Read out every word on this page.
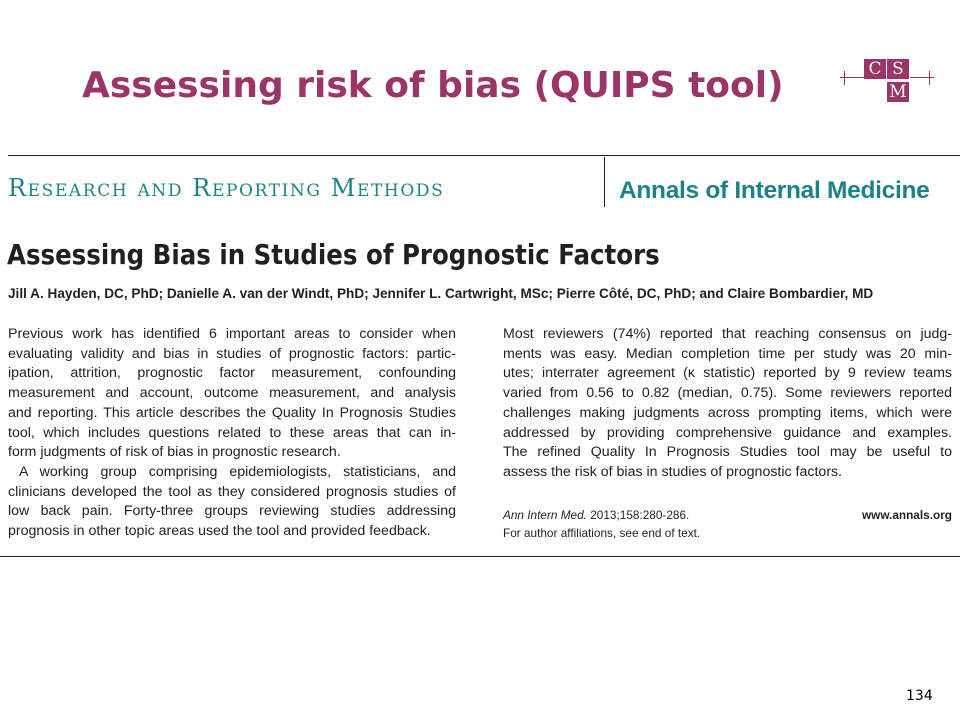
Assessing risk of bias (QUIPS tool)	C S
M

Research and Reporting Methods	Annals of Internal Medicine

Assessing Bias in Studies of Prognostic Factors

Jill A. Hayden, DC, PhD; Danielle A. van der Windt, PhD; Jennifer L. Cartwright, MSc; Pierre Côté, DC, PhD; and Claire Bombardier, MD

Previous work has identified 6 important areas to consider when

evaluating validity and bias in studies of prognostic factors: partic-

ipation, attrition, prognostic factor measurement, confounding

measurement and account, outcome measurement, and analysis

and reporting. This article describes the Quality In Prognosis Studies

tool, which includes questions related to these areas that can in-

form judgments of risk of bias in prognostic research.

A working group comprising epidemiologists, statisticians, and

clinicians developed the tool as they considered prognosis studies of

low back pain. Forty-three groups reviewing studies addressing

prognosis in other topic areas used the tool and provided feedback.

Most reviewers (74%) reported that reaching consensus on judg-

ments was easy. Median completion time per study was 20 min-

utes; interrater agreement (κ statistic) reported by 9 review teams

varied from 0.56 to 0.82 (median, 0.75). Some reviewers reported

challenges making judgments across prompting items, which were

addressed by providing comprehensive guidance and examples.

The refined Quality In Prognosis Studies tool may be useful to

assess the risk of bias in studies of prognostic factors.

Ann Intern Med. 2013;158:280-286.	www.annals.org
For author affiliations, see end of text.

134
